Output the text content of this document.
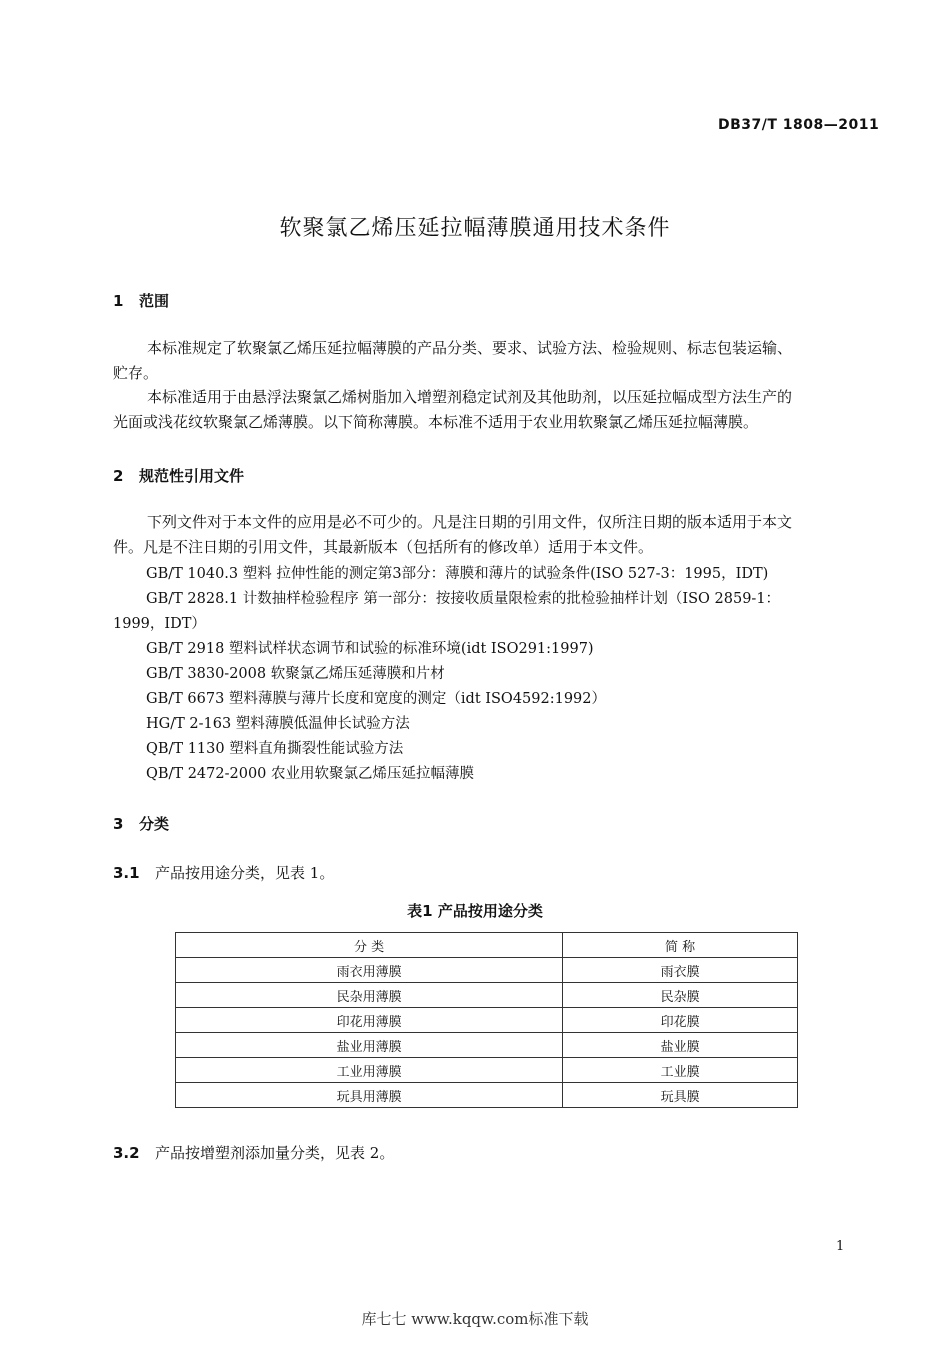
DB37/T 1808—2011
软聚氯乙烯压延拉幅薄膜通用技术条件
1 范围
本标准规定了软聚氯乙烯压延拉幅薄膜的产品分类、要求、试验方法、检验规则、标志包装运输、
贮存。
本标准适用于由悬浮法聚氯乙烯树脂加入增塑剂稳定试剂及其他助剂，以压延拉幅成型方法生产的
光面或浅花纹软聚氯乙烯薄膜。以下简称薄膜。本标准不适用于农业用软聚氯乙烯压延拉幅薄膜。
2 规范性引用文件
下列文件对于本文件的应用是必不可少的。凡是注日期的引用文件，仅所注日期的版本适用于本文
件。凡是不注日期的引用文件，其最新版本（包括所有的修改单）适用于本文件。
GB/T 1040.3 塑料 拉伸性能的测定第3部分：薄膜和薄片的试验条件(ISO 527-3：1995，IDT)
GB/T 2828.1 计数抽样检验程序 第一部分：按接收质量限检索的批检验抽样计划（ISO 2859-1：
1999，IDT）
GB/T 2918 塑料试样状态调节和试验的标准环境(idt ISO291:1997)
GB/T 3830-2008 软聚氯乙烯压延薄膜和片材
GB/T 6673 塑料薄膜与薄片长度和宽度的测定（idt ISO4592:1992）
HG/T 2-163 塑料薄膜低温伸长试验方法
QB/T 1130 塑料直角撕裂性能试验方法
QB/T 2472-2000 农业用软聚氯乙烯压延拉幅薄膜
3 分类
3.1 产品按用途分类，见表 1。
表1 产品按用途分类
分 类	简 称
雨衣用薄膜	雨衣膜
民杂用薄膜	民杂膜
印花用薄膜	印花膜
盐业用薄膜	盐业膜
工业用薄膜	工业膜
玩具用薄膜	玩具膜
3.2 产品按增塑剂添加量分类，见表 2。
1
库七七 www.kqqw.com标准下载
